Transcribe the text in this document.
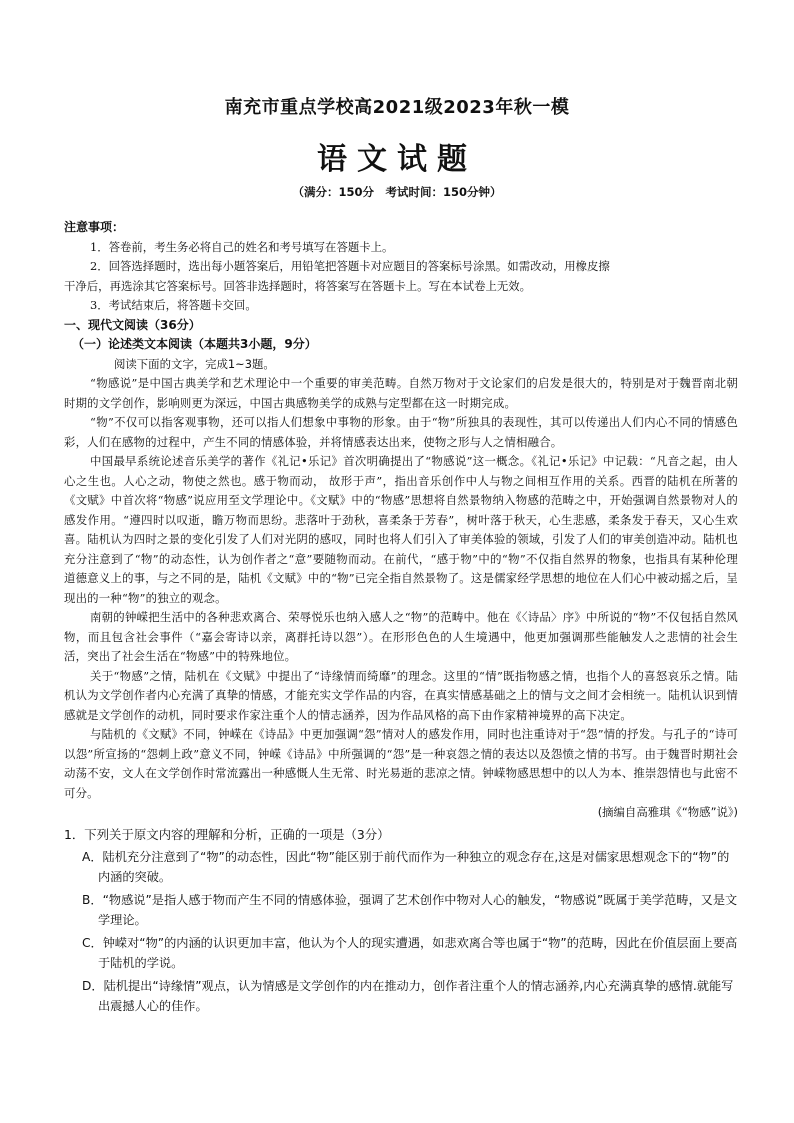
南充市重点学校高2021级2023年秋一模
语文试题
（满分：150分　考试时间：150分钟）

注意事项：

1．答卷前，考生务必将自己的姓名和考号填写在答题卡上。

2．回答选择题时，选出每小题答案后，用铅笔把答题卡对应题目的答案标号涂黑。如需改动，用橡皮擦

干净后，再选涂其它答案标号。回答非选择题时，将答案写在答题卡上。写在本试卷上无效。

3．考试结束后，将答题卡交回。

一、现代文阅读（36分）

（一）论述类文本阅读（本题共3小题，9分）

阅读下面的文字，完成1~3题。

“物感说”是中国古典美学和艺术理论中一个重要的审美范畴。自然万物对于文论家们的启发是很大的，特别是对于魏晋南北朝时期的文学创作，影响则更为深远，中国古典感物美学的成熟与定型都在这一时期完成。

“物”不仅可以指客观事物，还可以指人们想象中事物的形象。由于“物”所独具的表现性，其可以传递出人们内心不同的情感色彩，人们在感物的过程中，产生不同的情感体验，并将情感表达出来，使物之形与人之情相融合。

中国最早系统论述音乐美学的著作《礼记•乐记》首次明确提出了“物感说”这一概念。《礼记•乐记》中记载：“凡音之起，由人心之生也。人心之动，物使之然也。感于物而动， 故形于声”，指出音乐创作中人与物之间相互作用的关系。西晋的陆机在所著的《文赋》中首次将“物感”说应用至文学理论中。《文赋》中的“物感”思想将自然景物纳入物感的范畴之中，开始强调自然景物对人的感发作用。“遵四时以叹逝，瞻万物而思纷。悲落叶于劲秋，喜柔条于芳春”，树叶落于秋天，心生悲感，柔条发于春天，又心生欢喜。陆机认为四时之景的变化引发了人们对光阴的感叹，同时也将人们引入了审美体验的领域，引发了人们的审美创造冲动。陆机也充分注意到了“物”的动态性，认为创作者之“意”要随物而动。在前代，“感于物”中的“物”不仅指自然界的物象，也指具有某种伦理道德意义上的事，与之不同的是，陆机《文赋》中的“物”已完全指自然景物了。这是儒家经学思想的地位在人们心中被动摇之后，呈现出的一种“物”的独立的观念。

南朝的钟嵘把生活中的各种悲欢离合、荣辱悦乐也纳入感人之“物”的范畴中。他在《〈诗品〉序》中所说的“物”不仅包括自然风物，而且包含社会事件（“嘉会寄诗以亲，离群托诗以怨”）。在形形色色的人生境遇中，他更加强调那些能触发人之悲情的社会生活，突出了社会生活在“物感”中的特殊地位。

关于“物感”之情，陆机在《文赋》中提出了“诗缘情而绮靡”的理念。这里的“情”既指物感之情，也指个人的喜怒哀乐之情。陆机认为文学创作者内心充满了真挚的情感，才能充实文学作品的内容，在真实情感基础之上的情与文之间才会相统一。陆机认识到情感就是文学创作的动机，同时要求作家注重个人的情志涵养，因为作品风格的高下由作家精神境界的高下决定。

与陆机的《文赋》不同，钟嵘在《诗品》中更加强调“怨”情对人的感发作用，同时也注重诗对于“怨”情的抒发。与孔子的“诗可以怨”所宣扬的“怨刺上政”意义不同，钟嵘《诗品》中所强调的“怨”是一种哀怨之情的表达以及怨愤之情的书写。由于魏晋时期社会动荡不安，文人在文学创作时常流露出一种感慨人生无常、时光易逝的悲凉之情。钟嵘物感思想中的以人为本、推崇怨情也与此密不可分。

(摘编自高雅琪《“物感”说》)

1．下列关于原文内容的理解和分析，正确的一项是（3分）

A．陆机充分注意到了“物”的动态性，因此“物”能区别于前代而作为一种独立的观念存在,这是对儒家思想观念下的“物”的内涵的突破。

B．“物感说”是指人感于物而产生不同的情感体验，强调了艺术创作中物对人心的触发，“物感说”既属于美学范畴，又是文学理论。

C．钟嵘对“物”的内涵的认识更加丰富，他认为个人的现实遭遇，如悲欢离合等也属于“物”的范畴，因此在价值层面上要高于陆机的学说。

D．陆机提出“诗缘情”观点，认为情感是文学创作的内在推动力，创作者注重个人的情志涵养,内心充满真挚的感情.就能写出震撼人心的佳作。
